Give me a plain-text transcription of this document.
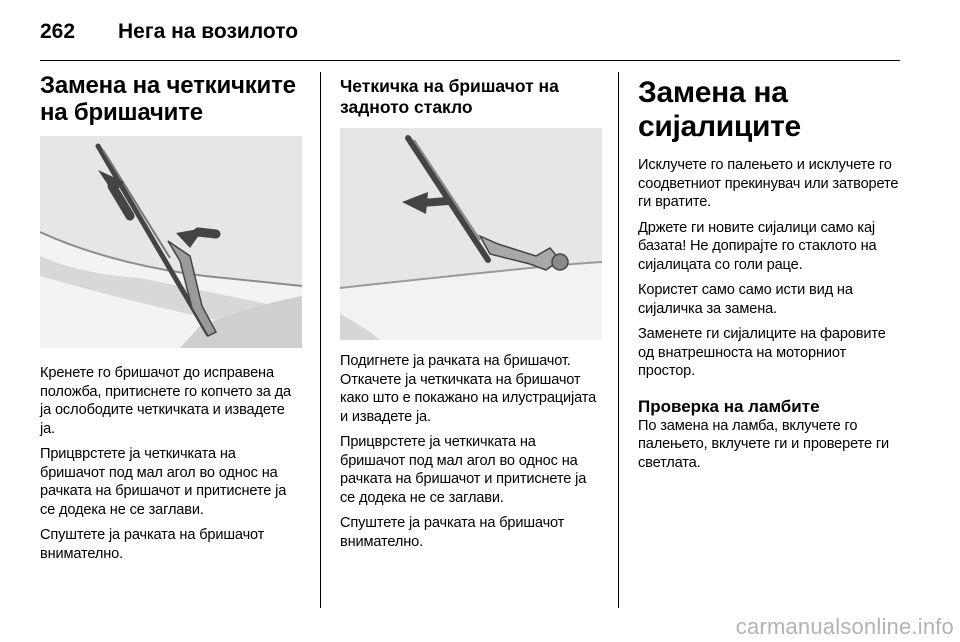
262	Нега на возилото
Замена на четкичките на бришачите

Кренете го бришачот до исправена положба, притиснете го копчето за да ја ослободите четкичката и извадете ја.

Прицврстете ја четкичката на бришачот под мал агол во однос на рачката на бришачот и притиснете ја се додека не се заглави.

Спуштете ја рачката на бришачот внимателно.

Четкичка на бришачот на задното стакло

Подигнете ја рачката на бришачот. Откачете ја четкичката на бришачот како што е покажано на илустрацијата и извадете ја.

Прицврстете ја четкичката на бришачот под мал агол во однос на рачката на бришачот и притиснете ја се додека не се заглави.

Спуштете ја рачката на бришачот внимателно.

Замена на сијалиците

Исклучете го палењето и исклучете го соодветниот прекинувач или затворете ги вратите.

Држете ги новите сијалици само кај базата! Не допирајте го стаклото на сијалицата со голи раце.

Користет само само исти вид на сијаличка за замена.

Заменете ги сијалиците на фаровите од внатрешноста на моторниот простор.

Проверка на ламбите

По замена на ламба, вклучете го палењето, вклучете ги и проверете ги светлата.

carmanualsonline.info
